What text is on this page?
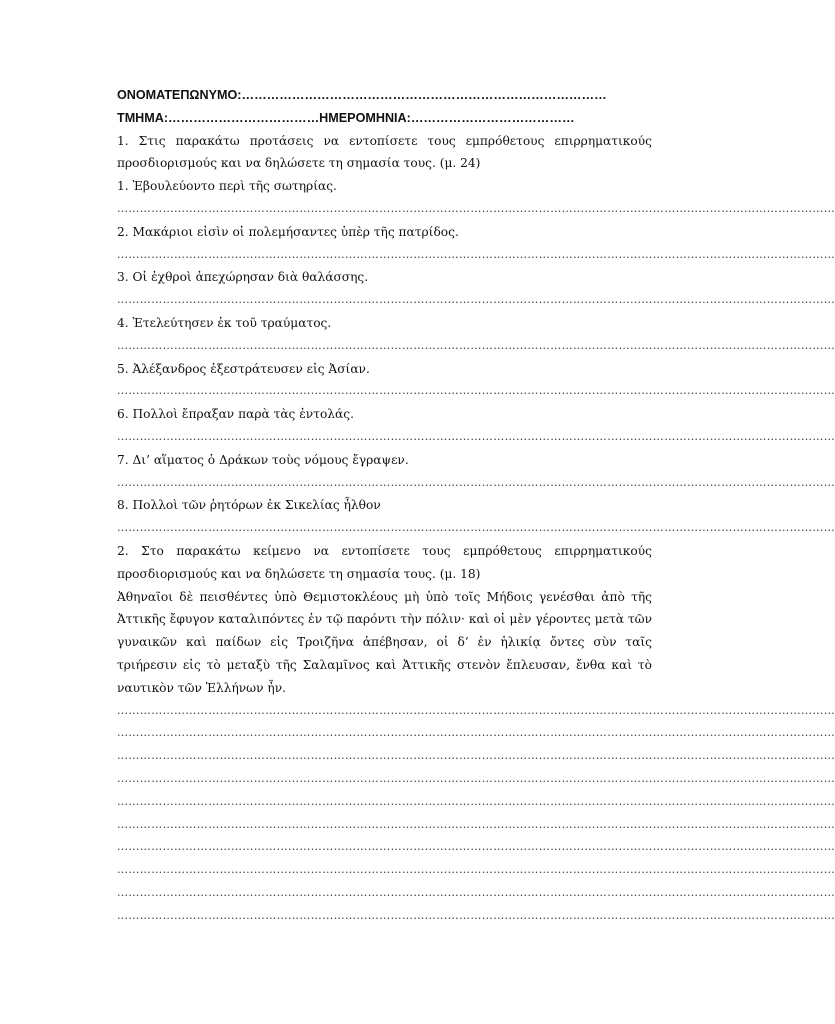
ΟΝΟΜΑΤΕΠΩΝΥΜΟ:……………………………………………………………………………
ΤΜΗΜΑ:………………………………ΗΜΕΡΟΜΗΝΙΑ:…………………………………
1. Στις παρακάτω προτάσεις να εντοπίσετε τους εμπρόθετους επιρρηματικούς προσδιορισμούς και να δηλώσετε τη σημασία τους. (μ. 24)
1. Ἐβουλεύοντο περὶ τῆς σωτηρίας.
………………………………………………………………………………………………………………………………………………………………………
2. Μακάριοι εἰσὶν οἱ πολεμήσαντες ὑπὲρ τῆς πατρίδος.
………………………………………………………………………………………………………………………………………………………………………
3. Οἱ ἐχθροὶ ἀπεχώρησαν διὰ θαλάσσης.
………………………………………………………………………………………………………………………………………………………………………
4. Ἐτελεύτησεν ἐκ τοῦ τραύματος.
………………………………………………………………………………………………………………………………………………………………………
5. Ἀλέξανδρος ἐξεστράτευσεν εἰς Ἀσίαν.
………………………………………………………………………………………………………………………………………………………………………
6. Πολλοὶ ἔπραξαν παρὰ τὰς ἐντολάς.
………………………………………………………………………………………………………………………………………………………………………
7. Δι’ αἵματος ὁ Δράκων τοὺς νόμους ἔγραψεν.
………………………………………………………………………………………………………………………………………………………………………
8. Πολλοὶ τῶν ῥητόρων ἐκ Σικελίας ἦλθον
………………………………………………………………………………………………………………………………………………………………………
2. Στο παρακάτω κείμενο να εντοπίσετε τους εμπρόθετους επιρρηματικούς προσδιορισμούς και να δηλώσετε τη σημασία τους. (μ. 18)
Ἀθηναῖοι δὲ πεισθέντες ὑπὸ Θεμιστοκλέους μὴ ὑπὸ τοῖς Μήδοις γενέσθαι ἀπὸ τῆς Ἀττικῆς ἔφυγον καταλιπόντες ἐν τῷ παρόντι τὴν πόλιν· καὶ οἱ μὲν γέροντες μετὰ τῶν γυναικῶν καὶ παίδων εἰς Τροιζῆνα ἀπέβησαν, οἱ δ’ ἐν ἡλικίᾳ ὄντες σὺν ταῖς τριήρεσιν εἰς τὸ μεταξὺ τῆς Σαλαμῖνος καὶ Ἀττικῆς στενὸν ἔπλευσαν, ἔνθα καὶ τὸ ναυτικὸν τῶν Ἑλλήνων ἦν.
………………………………………………………………………………………………………………………………………………………………………
………………………………………………………………………………………………………………………………………………………………………
………………………………………………………………………………………………………………………………………………………………………
………………………………………………………………………………………………………………………………………………………………………
………………………………………………………………………………………………………………………………………………………………………
………………………………………………………………………………………………………………………………………………………………………
………………………………………………………………………………………………………………………………………………………………………
………………………………………………………………………………………………………………………………………………………………………
………………………………………………………………………………………………………………………………………………………………………
………………………………………………………………………………………………………………………………………………………………………
